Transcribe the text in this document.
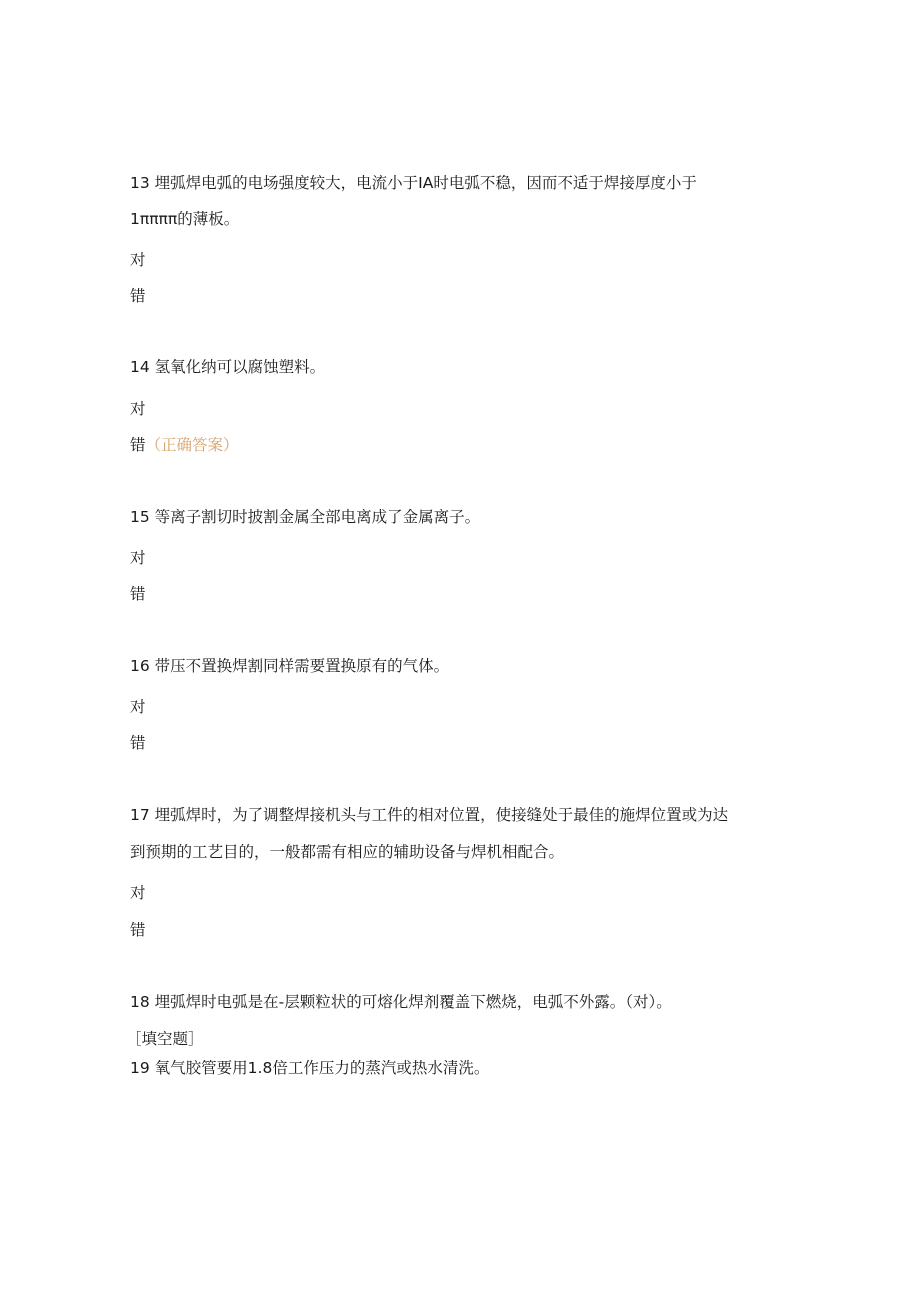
13 埋弧焊电弧的电场强度较大，电流小于IA时电弧不稳，因而不适于焊接厚度小于
1ππππ的薄板。
对
错
14 氢氧化纳可以腐蚀塑料。
对
错（正确答案）
15 等离子割切时披割金属全部电离成了金属离子。
对
错
16 带压不置换焊割同样需要置换原有的气体。
对
错
17 埋弧焊时，为了调整焊接机头与工件的相对位置，使接缝处于最佳的施焊位置或为达
到预期的工艺目的，一般都需有相应的辅助设备与焊机相配合。
对
错
18 埋弧焊时电弧是在-层颗粒状的可熔化焊剂覆盖下燃烧，电弧不外露。（对）。
［填空题］
19 氧气胶管要用1.8倍工作压力的蒸汽或热水清洗。
